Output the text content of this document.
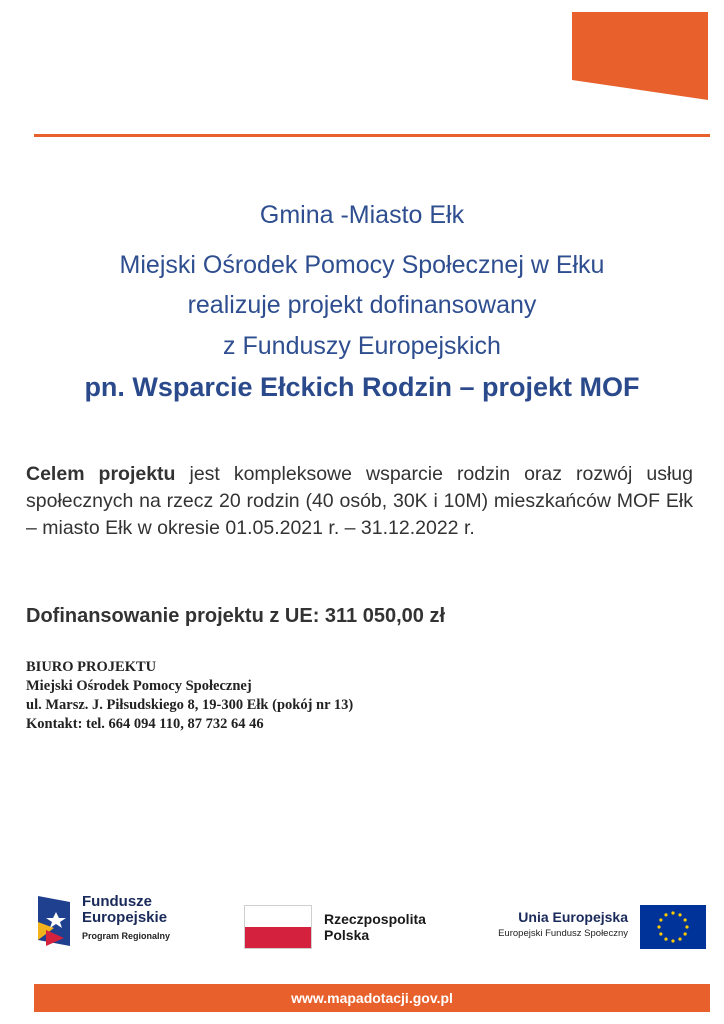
Gmina -Miasto Ełk
Miejski Ośrodek Pomocy Społecznej w Ełku
realizuje projekt dofinansowany
z Funduszy Europejskich
pn. Wsparcie Ełckich Rodzin – projekt MOF
Celem projektu jest kompleksowe wsparcie rodzin oraz rozwój usług społecznych na rzecz 20 rodzin (40 osób, 30K i 10M) mieszkańców MOF Ełk – miasto Ełk w okresie 01.05.2021 r. – 31.12.2022 r.
Dofinansowanie projektu z UE: 311 050,00 zł
BIURO PROJEKTU
Miejski Ośrodek Pomocy Społecznej
ul. Marsz. J. Piłsudskiego 8, 19-300 Ełk (pokój nr 13)
Kontakt: tel. 664 094 110, 87 732 64 46
Fundusze
Europejskie
Program Regionalny
Rzeczpospolita
Polska
Unia Europejska
Europejski Fundusz Społeczny
www.mapadotacji.gov.pl
